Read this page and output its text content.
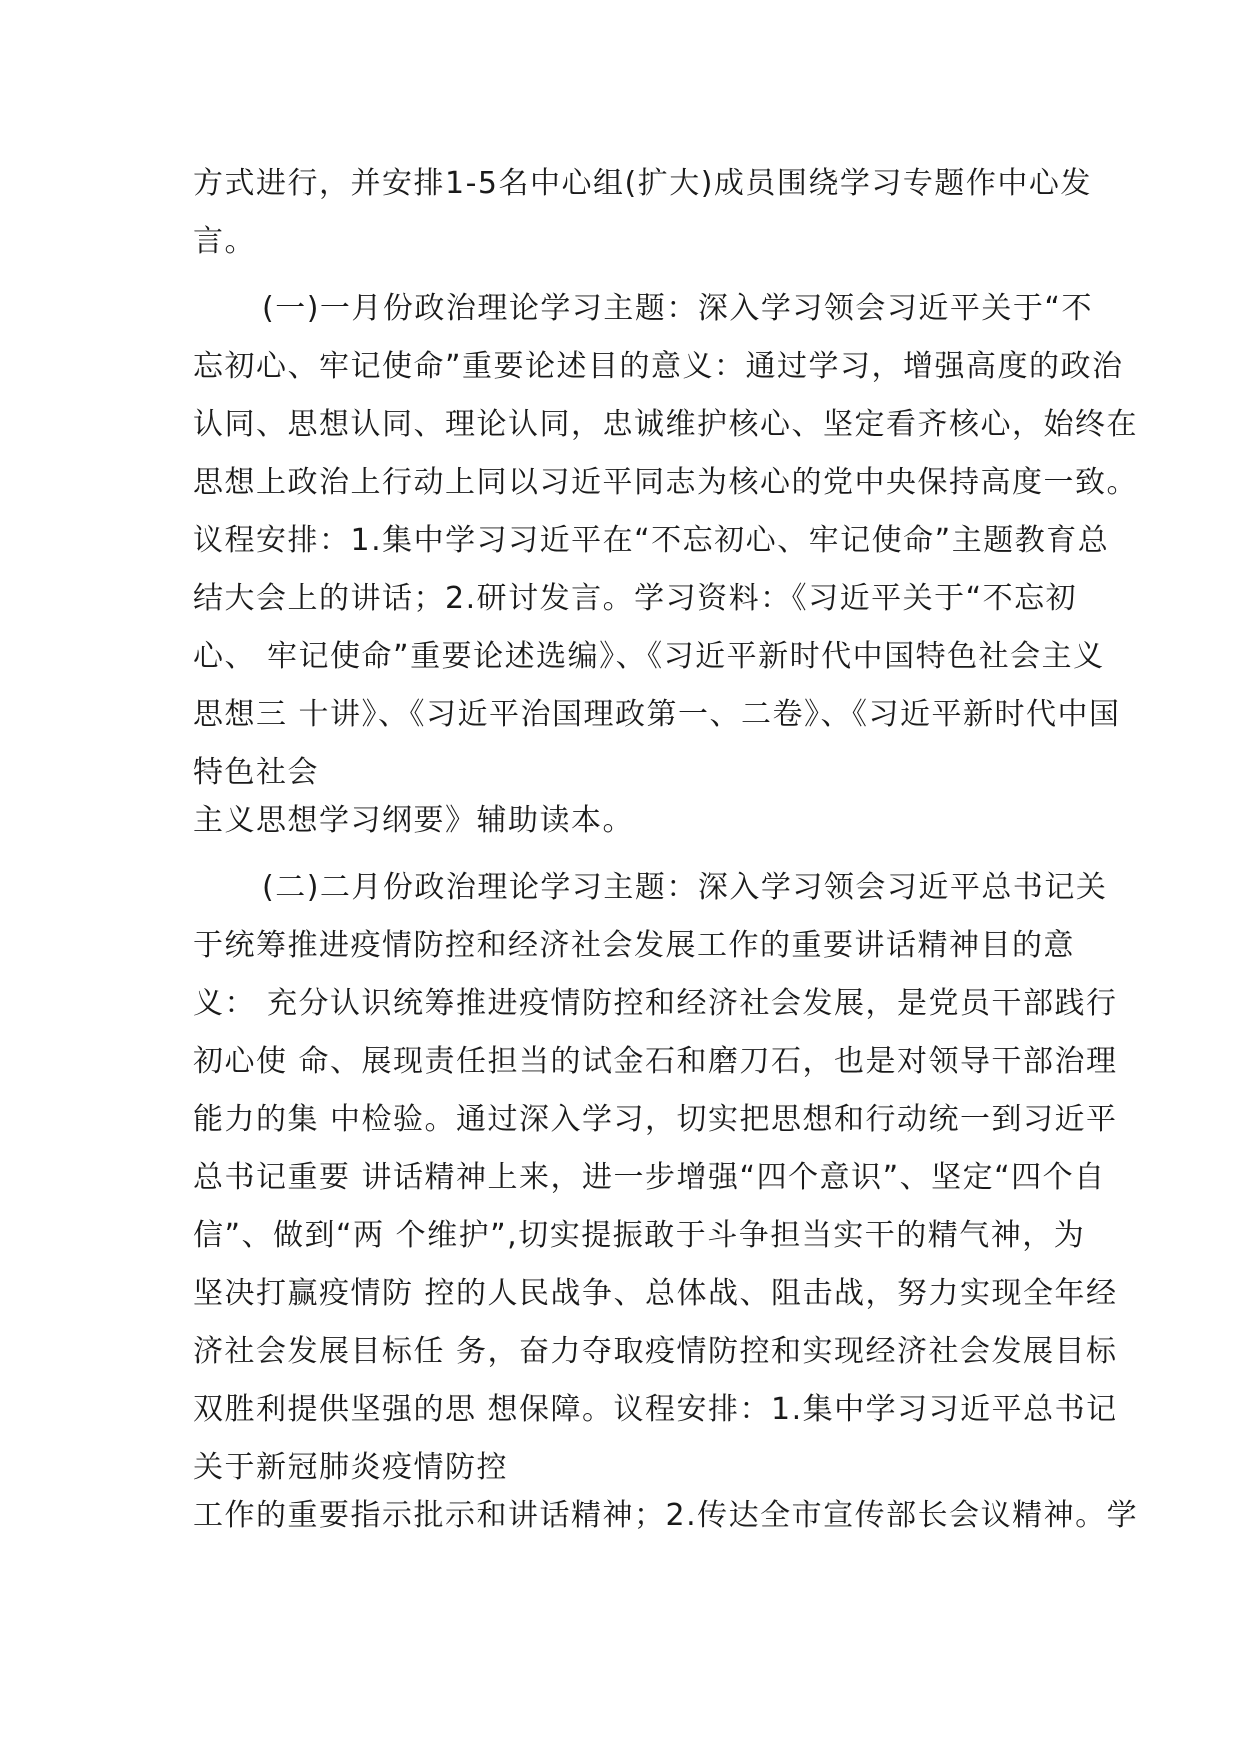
方式进行，并安排1-5名中心组(扩大)成员围绕学习专题作中心发
言。
(一)一月份政治理论学习主题：深入学习领会习近平关于“不
忘初心、牢记使命”重要论述目的意义：通过学习，增强高度的政治
认同、思想认同、理论认同，忠诚维护核心、坚定看齐核心，始终在
思想上政治上行动上同以习近平同志为核心的党中央保持高度一致。
议程安排：1.集中学习习近平在“不忘初心、牢记使命”主题教育总
结大会上的讲话；2.研讨发言。学习资料：《习近平关于“不忘初
心、 牢记使命”重要论述选编》、《习近平新时代中国特色社会主义
思想三 十讲》、《习近平治国理政第一、二卷》、《习近平新时代中国
特色社会
主义思想学习纲要》辅助读本。
(二)二月份政治理论学习主题：深入学习领会习近平总书记关
于统筹推进疫情防控和经济社会发展工作的重要讲话精神目的意
义： 充分认识统筹推进疫情防控和经济社会发展，是党员干部践行
初心使 命、展现责任担当的试金石和磨刀石，也是对领导干部治理
能力的集 中检验。通过深入学习，切实把思想和行动统一到习近平
总书记重要 讲话精神上来，进一步增强“四个意识”、坚定“四个自
信”、做到“两 个维护”,切实提振敢于斗争担当实干的精气神，为
坚决打赢疫情防 控的人民战争、总体战、阻击战，努力实现全年经
济社会发展目标任 务，奋力夺取疫情防控和实现经济社会发展目标
双胜利提供坚强的思 想保障。议程安排：1.集中学习习近平总书记
关于新冠肺炎疫情防控
工作的重要指示批示和讲话精神；2.传达全市宣传部长会议精神。学
